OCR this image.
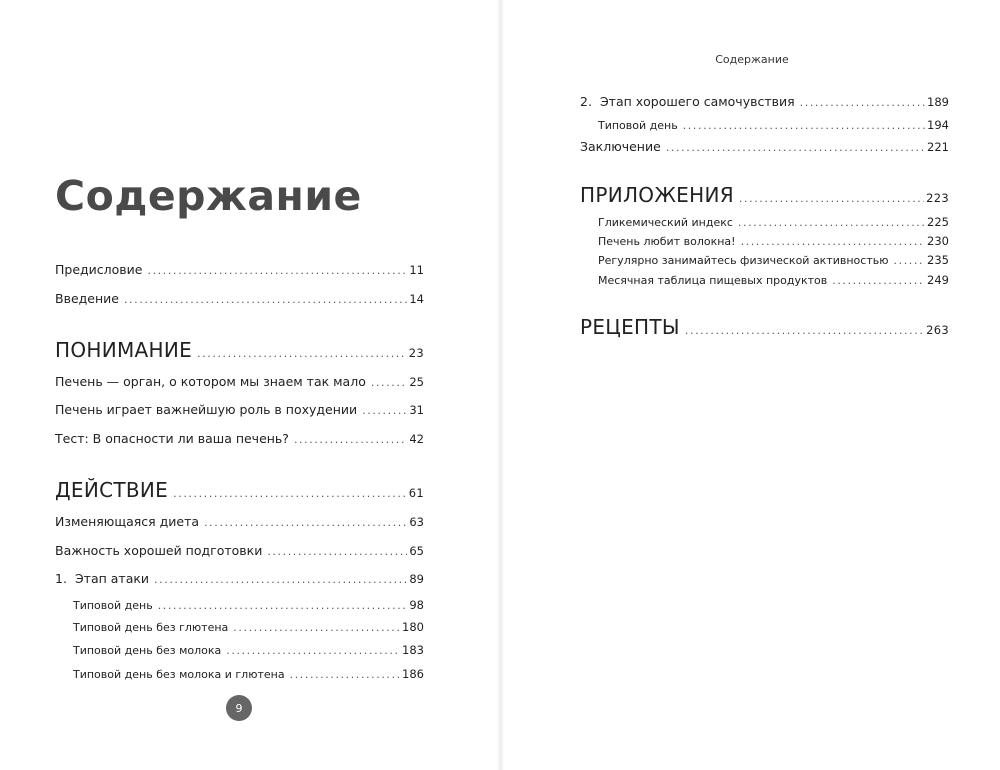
Содержание
Предисловие .....	11
Введение .....	14
ПОНИМАНИЕ .....	23
Печень — орган, о котором мы знаем так мало .....	25
Печень играет важнейшую роль в похудении .....	31
Тест: В опасности ли ваша печень? .....	42
ДЕЙСТВИЕ .....	61
Изменяющаяся диета .....	63
Важность хорошей подготовки .....	65
1. Этап атаки .....	89
Типовой день .....	98
Типовой день без глютена .....	180
Типовой день без молока .....	183
Типовой день без молока и глютена .....	186
9
Содержание
2. Этап хорошего самочувствия .....	189
Типовой день .....	194
Заключение .....	221
ПРИЛОЖЕНИЯ .....	223
Гликемический индекс .....	225
Печень любит волокна! .....	230
Регулярно занимайтесь физической активностью .....	235
Месячная таблица пищевых продуктов .....	249
РЕЦЕПТЫ .....	263
